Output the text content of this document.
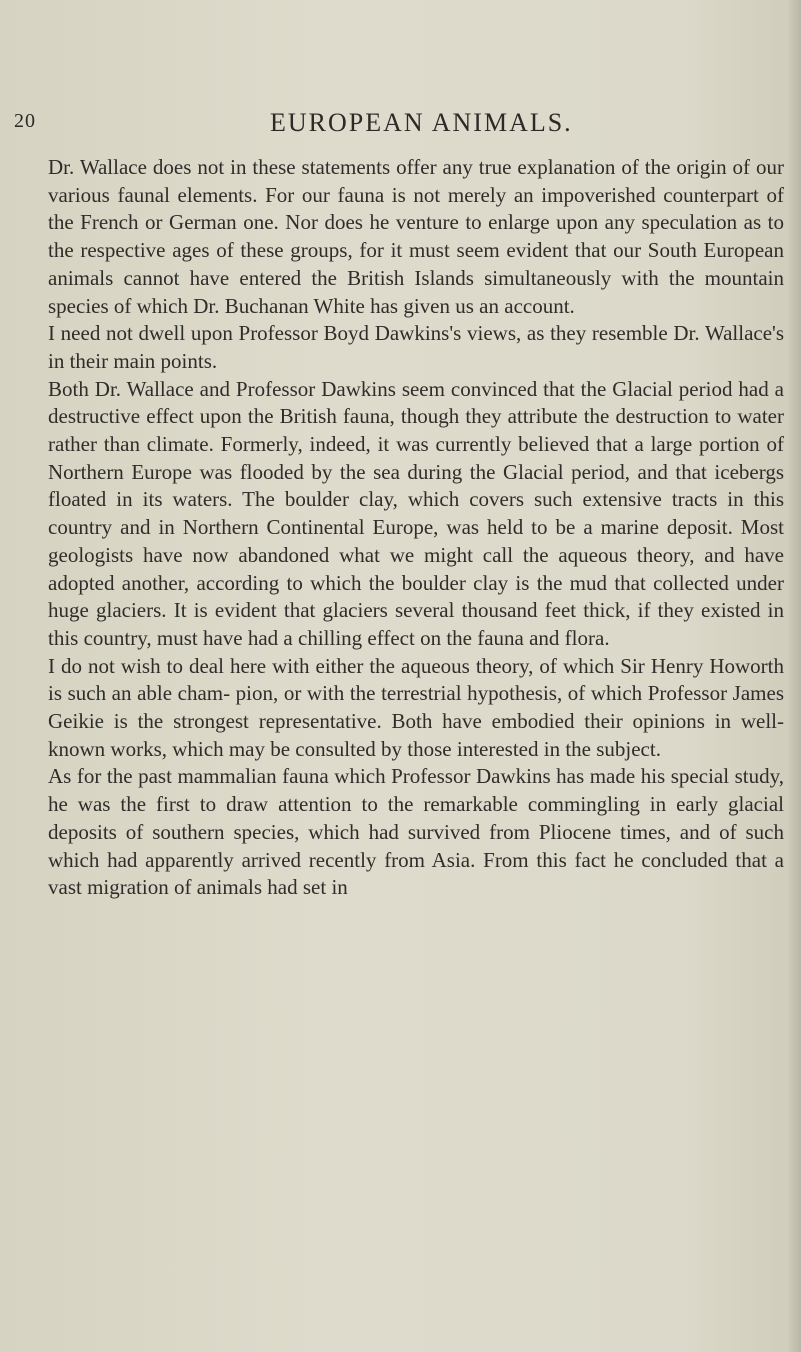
20	EUROPEAN ANIMALS.

Dr. Wallace does not in these statements offer any true explanation of the origin of our various faunal elements. For our fauna is not merely an impoverished counterpart of the French or German one. Nor does he venture to enlarge upon any speculation as to the respective ages of these groups, for it must seem evident that our South European animals cannot have entered the British Islands simultaneously with the mountain species of which Dr. Buchanan White has given us an account.

I need not dwell upon Professor Boyd Dawkins's views, as they resemble Dr. Wallace's in their main points.

Both Dr. Wallace and Professor Dawkins seem convinced that the Glacial period had a destructive effect upon the British fauna, though they attribute the destruction to water rather than climate. Formerly, indeed, it was currently believed that a large portion of Northern Europe was flooded by the sea during the Glacial period, and that icebergs floated in its waters. The boulder clay, which covers such extensive tracts in this country and in Northern Continental Europe, was held to be a marine deposit. Most geologists have now abandoned what we might call the aqueous theory, and have adopted another, according to which the boulder clay is the mud that collected under huge glaciers. It is evident that glaciers several thousand feet thick, if they existed in this country, must have had a chilling effect on the fauna and flora.

I do not wish to deal here with either the aqueous theory, of which Sir Henry Howorth is such an able cham- pion, or with the terrestrial hypothesis, of which Professor James Geikie is the strongest representative. Both have embodied their opinions in well-known works, which may be consulted by those interested in the subject.

As for the past mammalian fauna which Professor Dawkins has made his special study, he was the first to draw attention to the remarkable commingling in early glacial deposits of southern species, which had survived from Pliocene times, and of such which had apparently arrived recently from Asia. From this fact he concluded that a vast migration of animals had set in
